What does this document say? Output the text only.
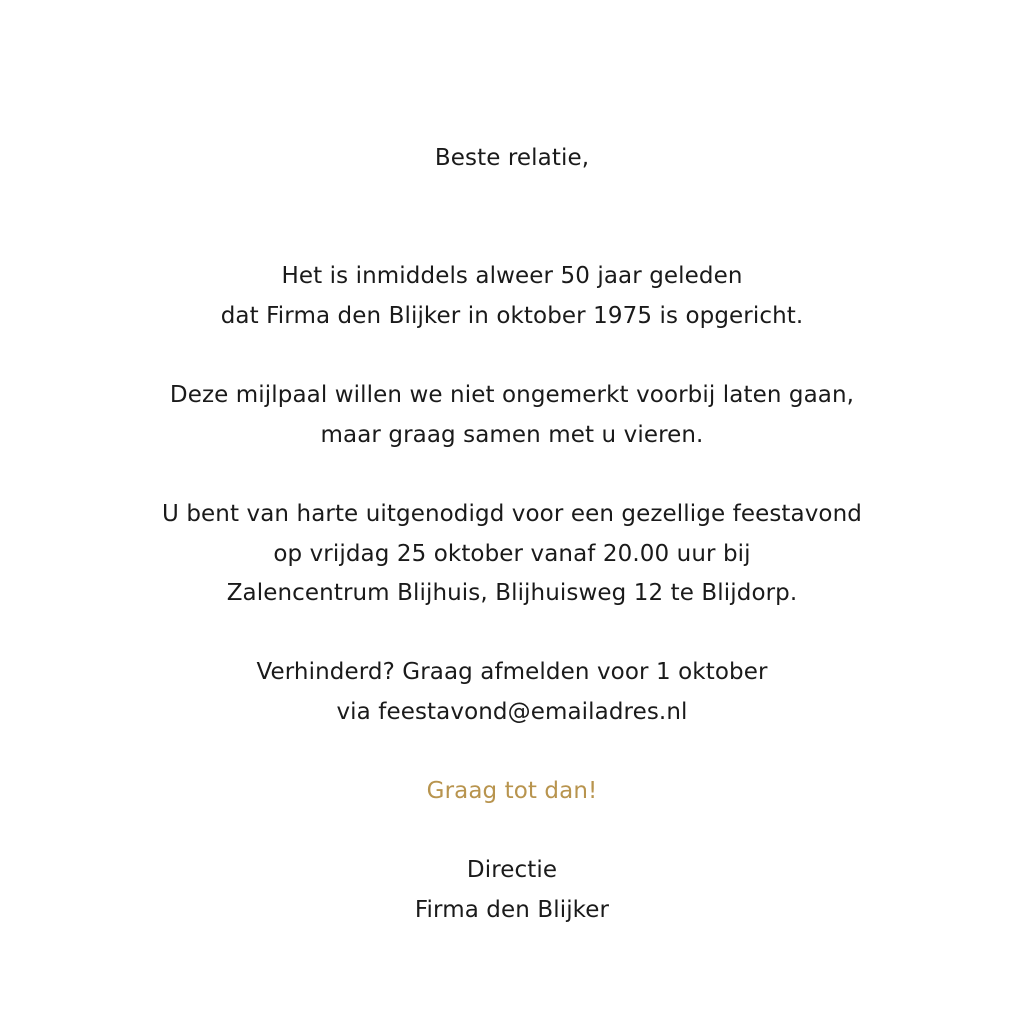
Beste relatie,
Het is inmiddels alweer 50 jaar geleden
dat Firma den Blijker in oktober 1975 is opgericht.
Deze mijlpaal willen we niet ongemerkt voorbij laten gaan,
maar graag samen met u vieren.
U bent van harte uitgenodigd voor een gezellige feestavond
op vrijdag 25 oktober vanaf 20.00 uur bij
Zalencentrum Blijhuis, Blijhuisweg 12 te Blijdorp.
Verhinderd? Graag afmelden voor 1 oktober
via feestavond@emailadres.nl
Graag tot dan!
Directie
Firma den Blijker
